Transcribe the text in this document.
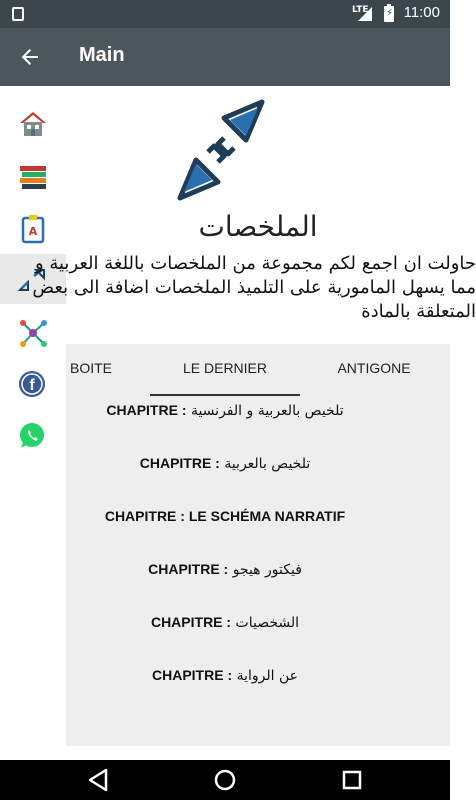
LTE ⚡ 11:00
Main
A
f
الملخصات
حاولت ان اجمع لكم مجموعة من الملخصات باللغة العربية و
مما يسهل المامورية على التلميذ الملخصات اضافة الى بعض
المتعلقة بالمادة
BOITE	LE DERNIER	ANTIGONE
CHAPITRE : تلخيص بالعربية و الفرنسية
CHAPITRE : تلخيص بالعربية
CHAPITRE : LE SCHÉMA NARRATIF
CHAPITRE : فيكتور هيجو
CHAPITRE : الشخصيات
CHAPITRE : عن الرواية
